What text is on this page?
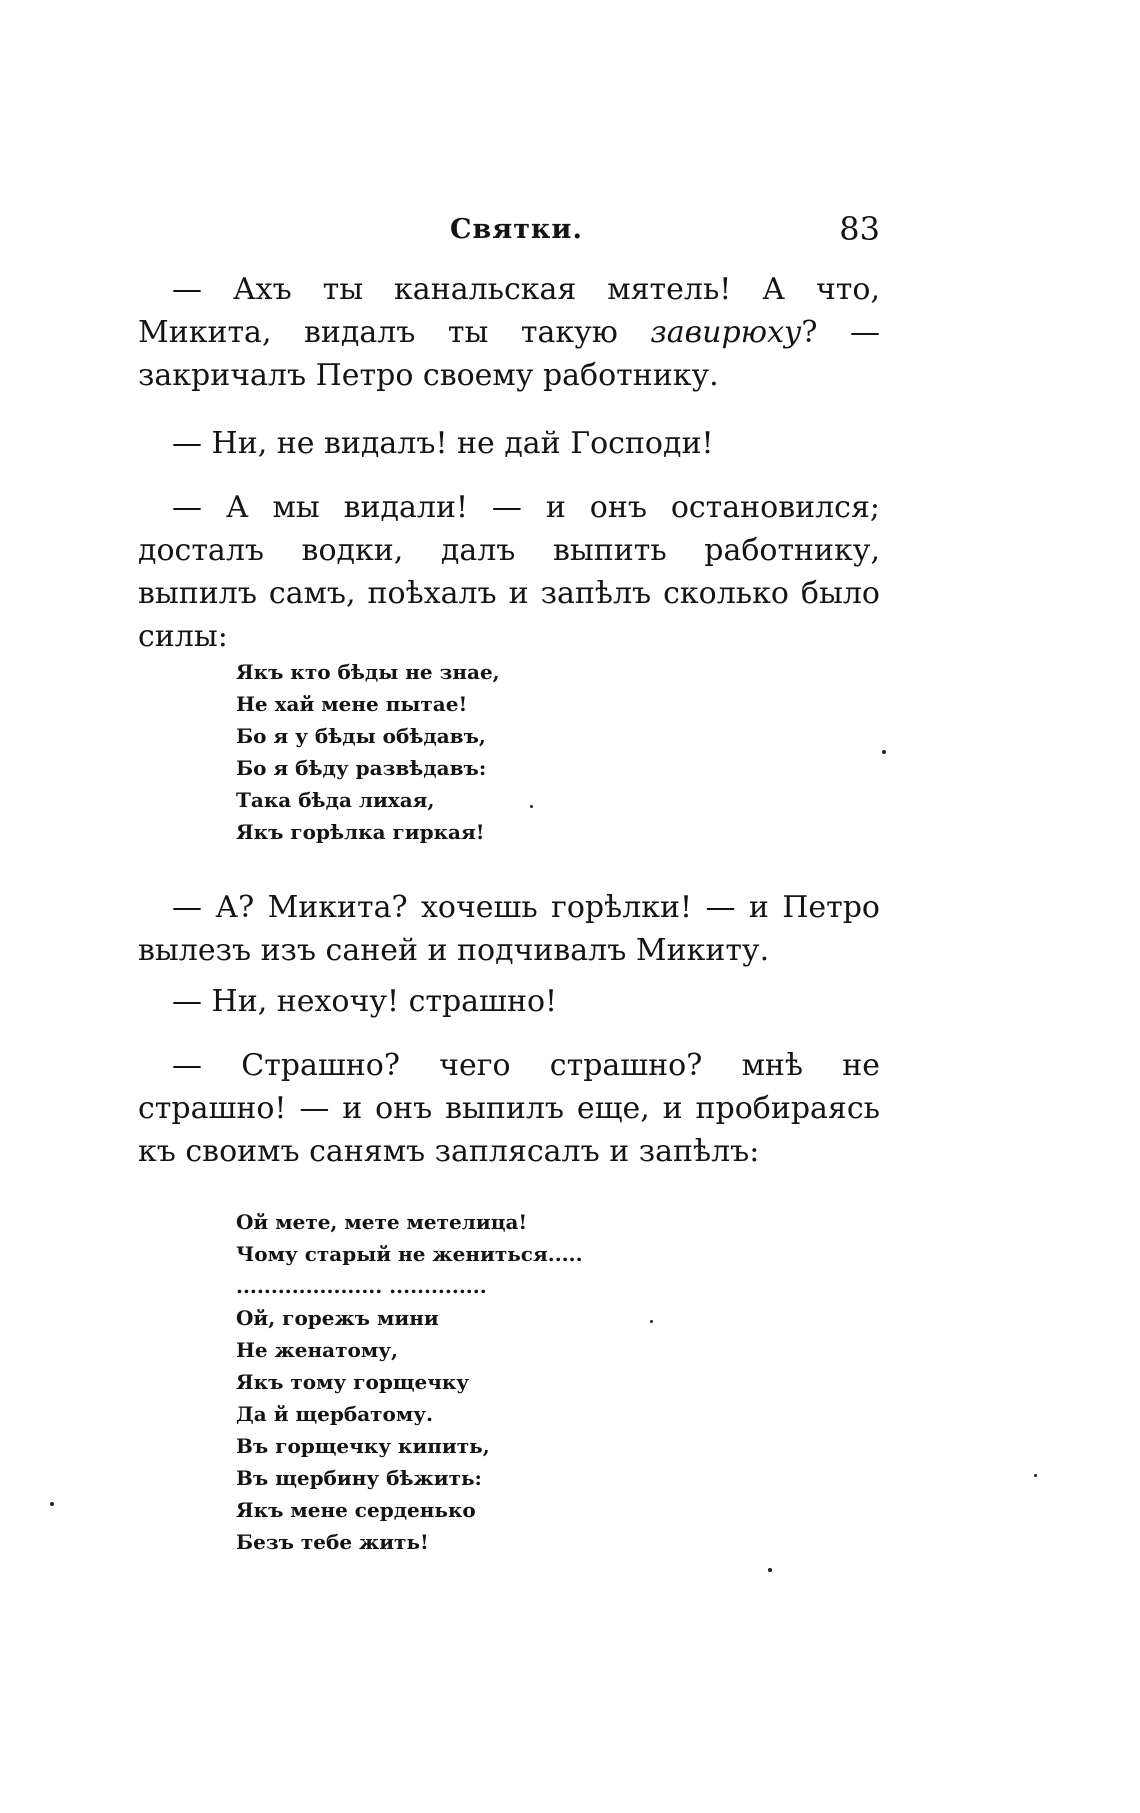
Святки.	83

— Ахъ ты канальская мятель! А что, Микита, видалъ ты такую завирюху? — закричалъ Петро своему работнику.

— Ни, не видалъ! не дай Господи!

— А мы видали! — и онъ остановился; досталъ водки, далъ выпить работнику, выпилъ самъ, поѣхалъ и запѣлъ сколько было силы:

Якъ кто бѣды не знае,
Не хай мене пытае!
Бо я у бѣды обѣдавъ,
Бо я бѣду развѣдавъ:
Така бѣда лихая,
Якъ горѣлка гиркая!

— А? Микита? хочешь горѣлки! — и Петро вылезъ изъ саней и подчивалъ Микиту.

— Ни, нехочу! страшно!

— Страшно? чего страшно? мнѣ не страшно! — и онъ выпилъ еще, и пробираясь къ своимъ санямъ заплясалъ и запѣлъ:

Ой мете, мете метелица!
Чому старый не жениться.....
..................... ..............
Ой, горежъ мини
Не женатому,
Якъ тому горщечку
Да й щербатому.
Въ горщечку кипить,
Въ щербину бѣжить:
Якъ мене серденько
Безъ тебе жить!
